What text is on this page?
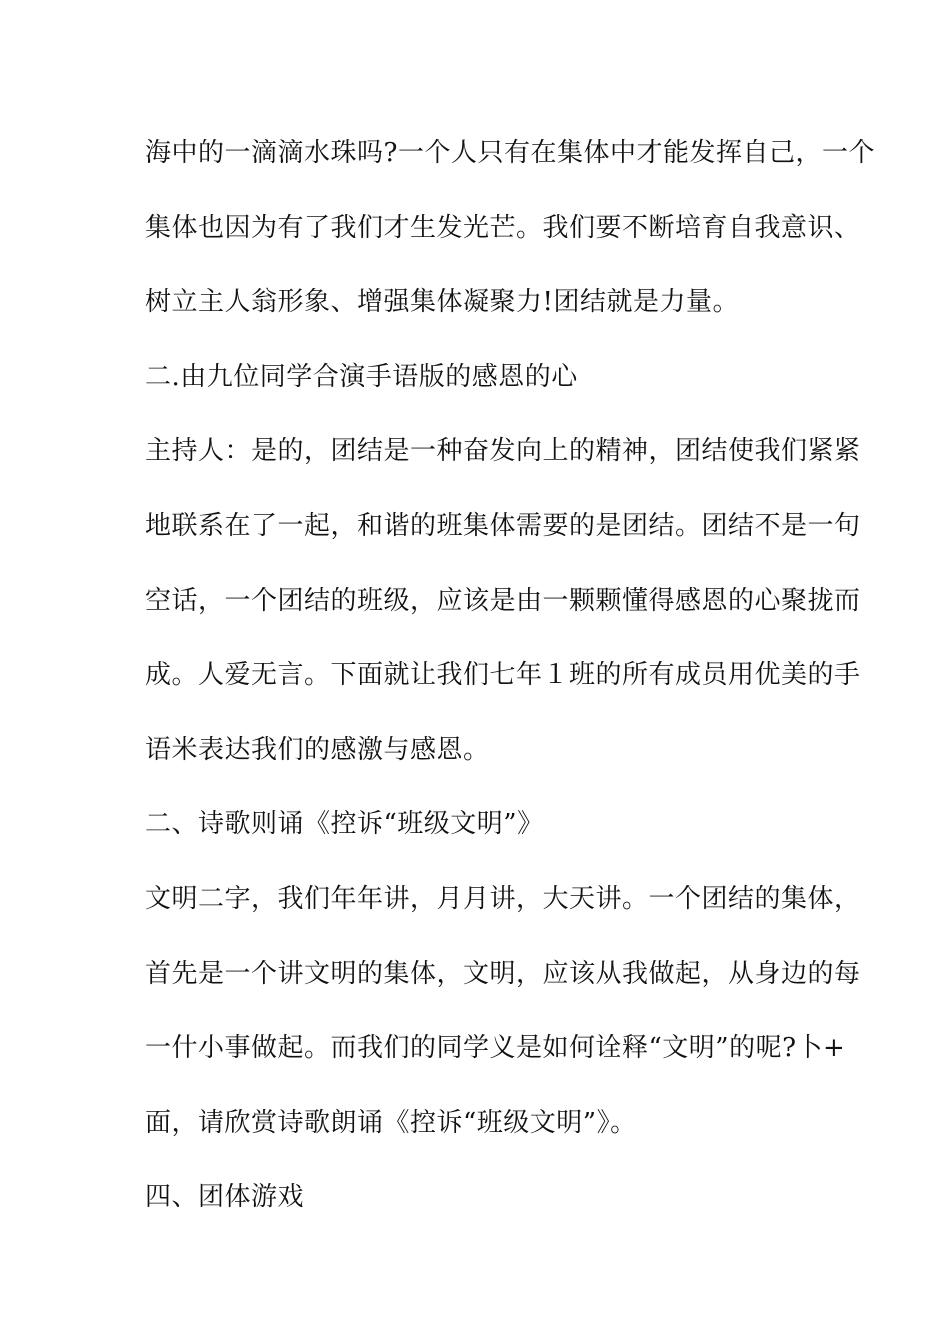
海中的一滴滴水珠吗?一个人只有在集体中才能发挥自己，一个
集体也因为有了我们才生发光芒。我们要不断培育自我意识、
树立主人翁形象、增强集体凝聚力!团结就是力量。
二.由九位同学合演手语版的感恩的心
主持人：是的，团结是一种奋发向上的精神，团结使我们紧紧
地联系在了一起，和谐的班集体需要的是团结。团结不是一句
空话，一个团结的班级，应该是由一颗颗懂得感恩的心聚拢而
成。人爱无言。下面就让我们七年１班的所有成员用优美的手
语米表达我们的感激与感恩。
二、诗歌则诵《控诉“班级文明”》
文明二字，我们年年讲，月月讲，大天讲。一个团结的集体，
首先是一个讲文明的集体，文明，应该从我做起，从身边的每
一什小事做起。而我们的同学义是如何诠释“文明”的呢?卜+
面，请欣赏诗歌朗诵《控诉“班级文明”》。
四、团体游戏
